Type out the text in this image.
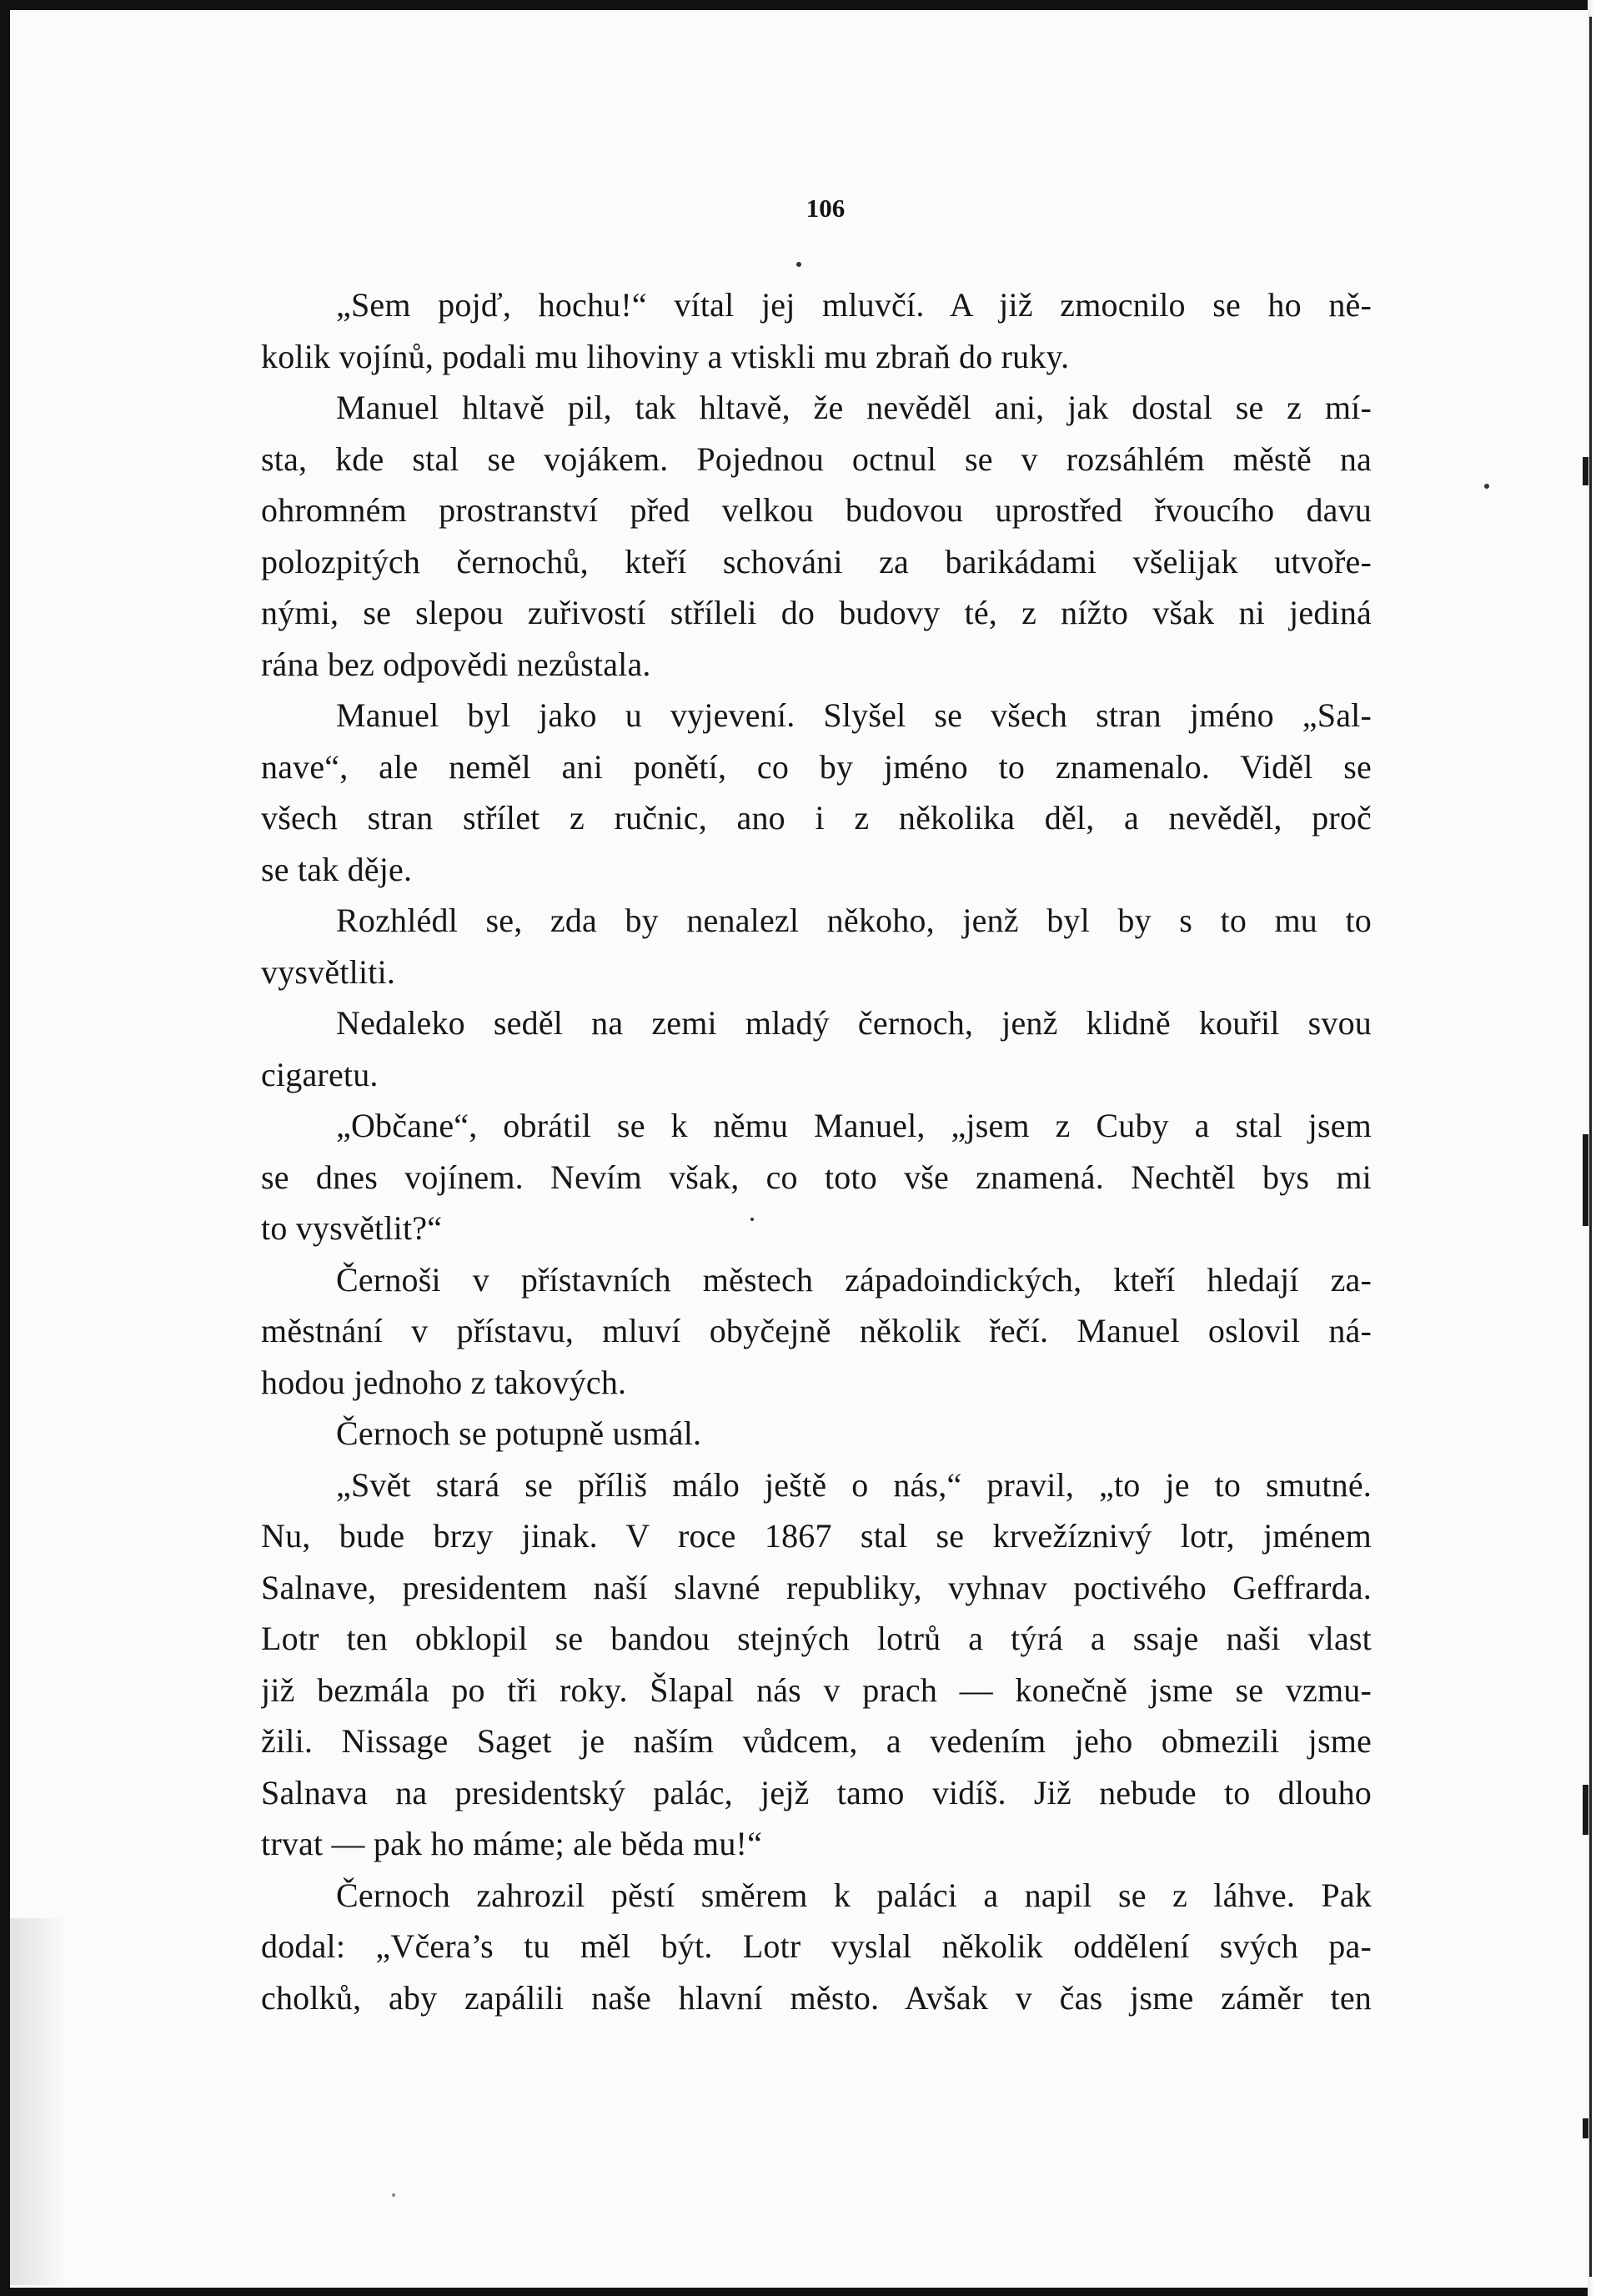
106
„Sem pojď, hochu!“ vítal jej mluvčí. A již zmocnilo se ho ně-
kolik vojínů, podali mu lihoviny a vtiskli mu zbraň do ruky.
Manuel hltavě pil, tak hltavě, že nevěděl ani, jak dostal se z mí-
sta, kde stal se vojákem. Pojednou octnul se v rozsáhlém městě na
ohromném prostranství před velkou budovou uprostřed řvoucího davu
polozpitých černochů, kteří schováni za barikádami všelijak utvoře-
nými, se slepou zuřivostí stříleli do budovy té, z nížto však ni jediná
rána bez odpovědi nezůstala.
Manuel byl jako u vyjevení. Slyšel se všech stran jméno „Sal-
nave“, ale neměl ani ponětí, co by jméno to znamenalo. Viděl se
všech stran střílet z ručnic, ano i z několika děl, a nevěděl, proč
se tak děje.
Rozhlédl se, zda by nenalezl někoho, jenž byl by s to mu to
vysvětliti.
Nedaleko seděl na zemi mladý černoch, jenž klidně kouřil svou
cigaretu.
„Občane“, obrátil se k němu Manuel, „jsem z Cuby a stal jsem
se dnes vojínem. Nevím však, co toto vše znamená. Nechtěl bys mi
to vysvětlit?“
Černoši v přístavních městech západoindických, kteří hledají za-
městnání v přístavu, mluví obyčejně několik řečí. Manuel oslovil ná-
hodou jednoho z takových.
Černoch se potupně usmál.
„Svět stará se příliš málo ještě o nás,“ pravil, „to je to smutné.
Nu, bude brzy jinak. V roce 1867 stal se krvežíznivý lotr, jménem
Salnave, presidentem naší slavné republiky, vyhnav poctivého Geffrarda.
Lotr ten obklopil se bandou stejných lotrů a týrá a ssaje naši vlast
již bezmála po tři roky. Šlapal nás v prach — konečně jsme se vzmu-
žili. Nissage Saget je naším vůdcem, a vedením jeho obmezili jsme
Salnava na presidentský palác, jejž tamo vidíš. Již nebude to dlouho
trvat — pak ho máme; ale běda mu!“
Černoch zahrozil pěstí směrem k paláci a napil se z láhve. Pak
dodal: „Včera’s tu měl být. Lotr vyslal několik oddělení svých pa-
cholků, aby zapálili naše hlavní město. Avšak v čas jsme záměr ten
